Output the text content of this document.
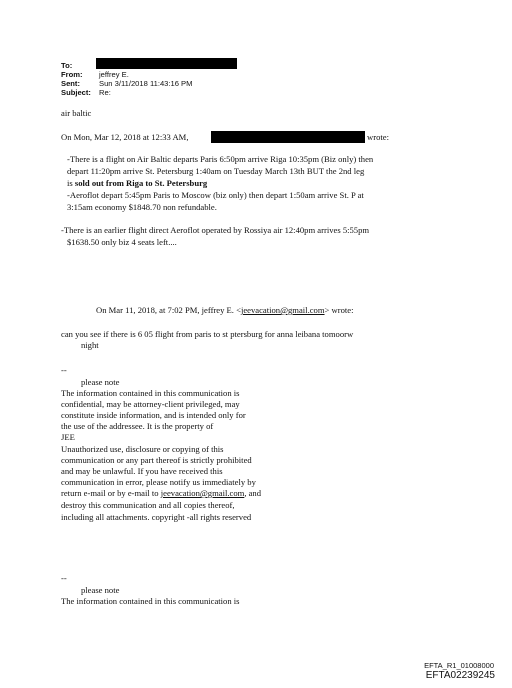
To:
From: jeffrey E.
Sent:	Sun 3/11/2018 11:43:16 PM
Subject: Re:
air baltic
On Mon, Mar 12, 2018 at 12:33 AM,	wrote:
-There is a flight on Air Baltic departs Paris 6:50pm arrive Riga 10:35pm (Biz only) then
depart 11:20pm arrive St. Petersburg 1:40am on Tuesday March 13th BUT the 2nd leg
is sold out from Riga to St. Petersburg
-Aeroflot depart 5:45pm Paris to Moscow (biz only) then depart 1:50am arrive St. P at
3:15am economy $1848.70 non refundable.
-There is an earlier flight direct Aeroflot operated by Rossiya air 12:40pm arrives 5:55pm
$1638.50 only biz 4 seats left....
On Mar 11, 2018, at 7:02 PM, jeffrey E. <jeevacation@gmail.com> wrote:
can you see if there is 6 05 flight from paris to st ptersburg for anna leibana tomoorw
night
--
please note
The information contained in this communication is
confidential, may be attorney-client privileged, may
constitute inside information, and is intended only for
the use of the addressee. It is the property of
JEE
Unauthorized use, disclosure or copying of this
communication or any part thereof is strictly prohibited
and may be unlawful. If you have received this
communication in error, please notify us immediately by
return e-mail or by e-mail to jeevacation@gmail.com, and
destroy this communication and all copies thereof,
including all attachments. copyright -all rights reserved
--
please note
The information contained in this communication is
EFTA_R1_01008000
EFTA02239245
